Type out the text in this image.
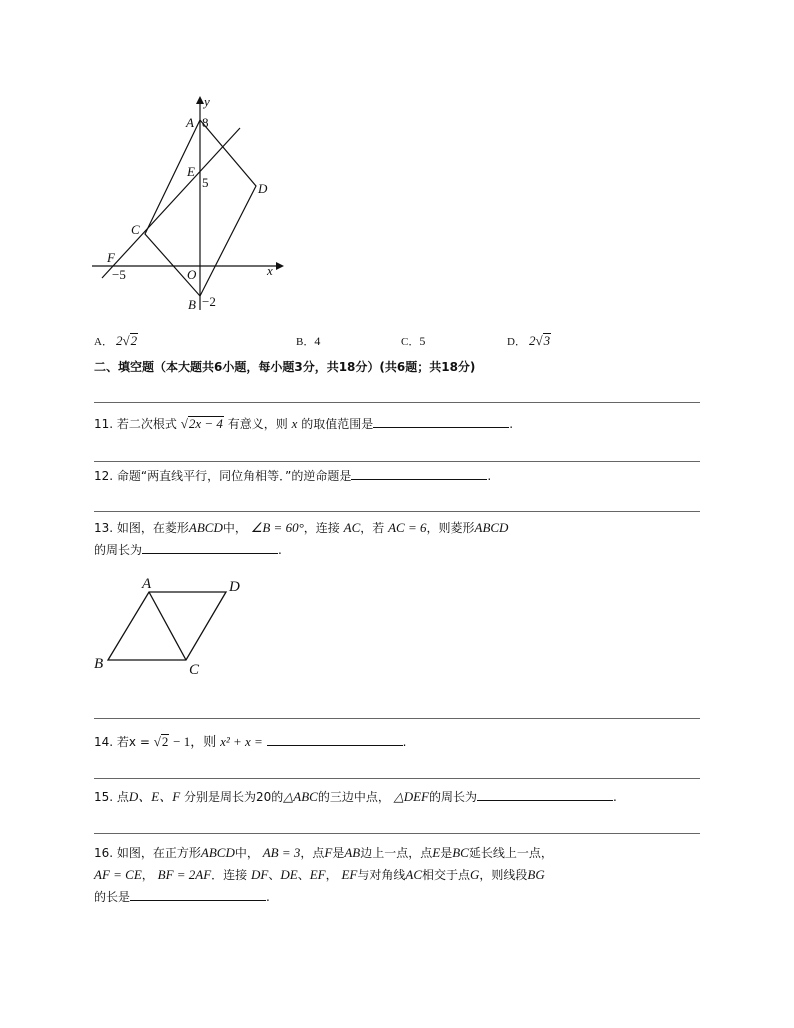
y
A 8
E
5	D
C
F
−5	O	x
B −2
A． 2√2	B．4	C．5	D． 2√3
二、填空题（本大题共6小题，每小题3分，共18分）(共6题；共18分)
11. 若二次根式 √2x − 4 有意义，则 x 的取值范围是	.
12. 命题“两直线平行，同位角相等．”的逆命题是	.
13. 如图，在菱形ABCD中， ∠B = 60°，连接 AC，若 AC = 6，则菱形ABCD
的周长为	.
A	D
B	C
14. 若x = √2 − 1，则 x² + x =	.
15. 点D、E、F 分别是周长为20的△ABC的三边中点， △DEF的周长为	.
16. 如图，在正方形ABCD中， AB = 3，点F是AB边上一点，点E是BC延长线上一点，
AF = CE， BF = 2AF．连接 DF、DE、EF， EF与对角线AC相交于点G，则线段BG
的长是	.
